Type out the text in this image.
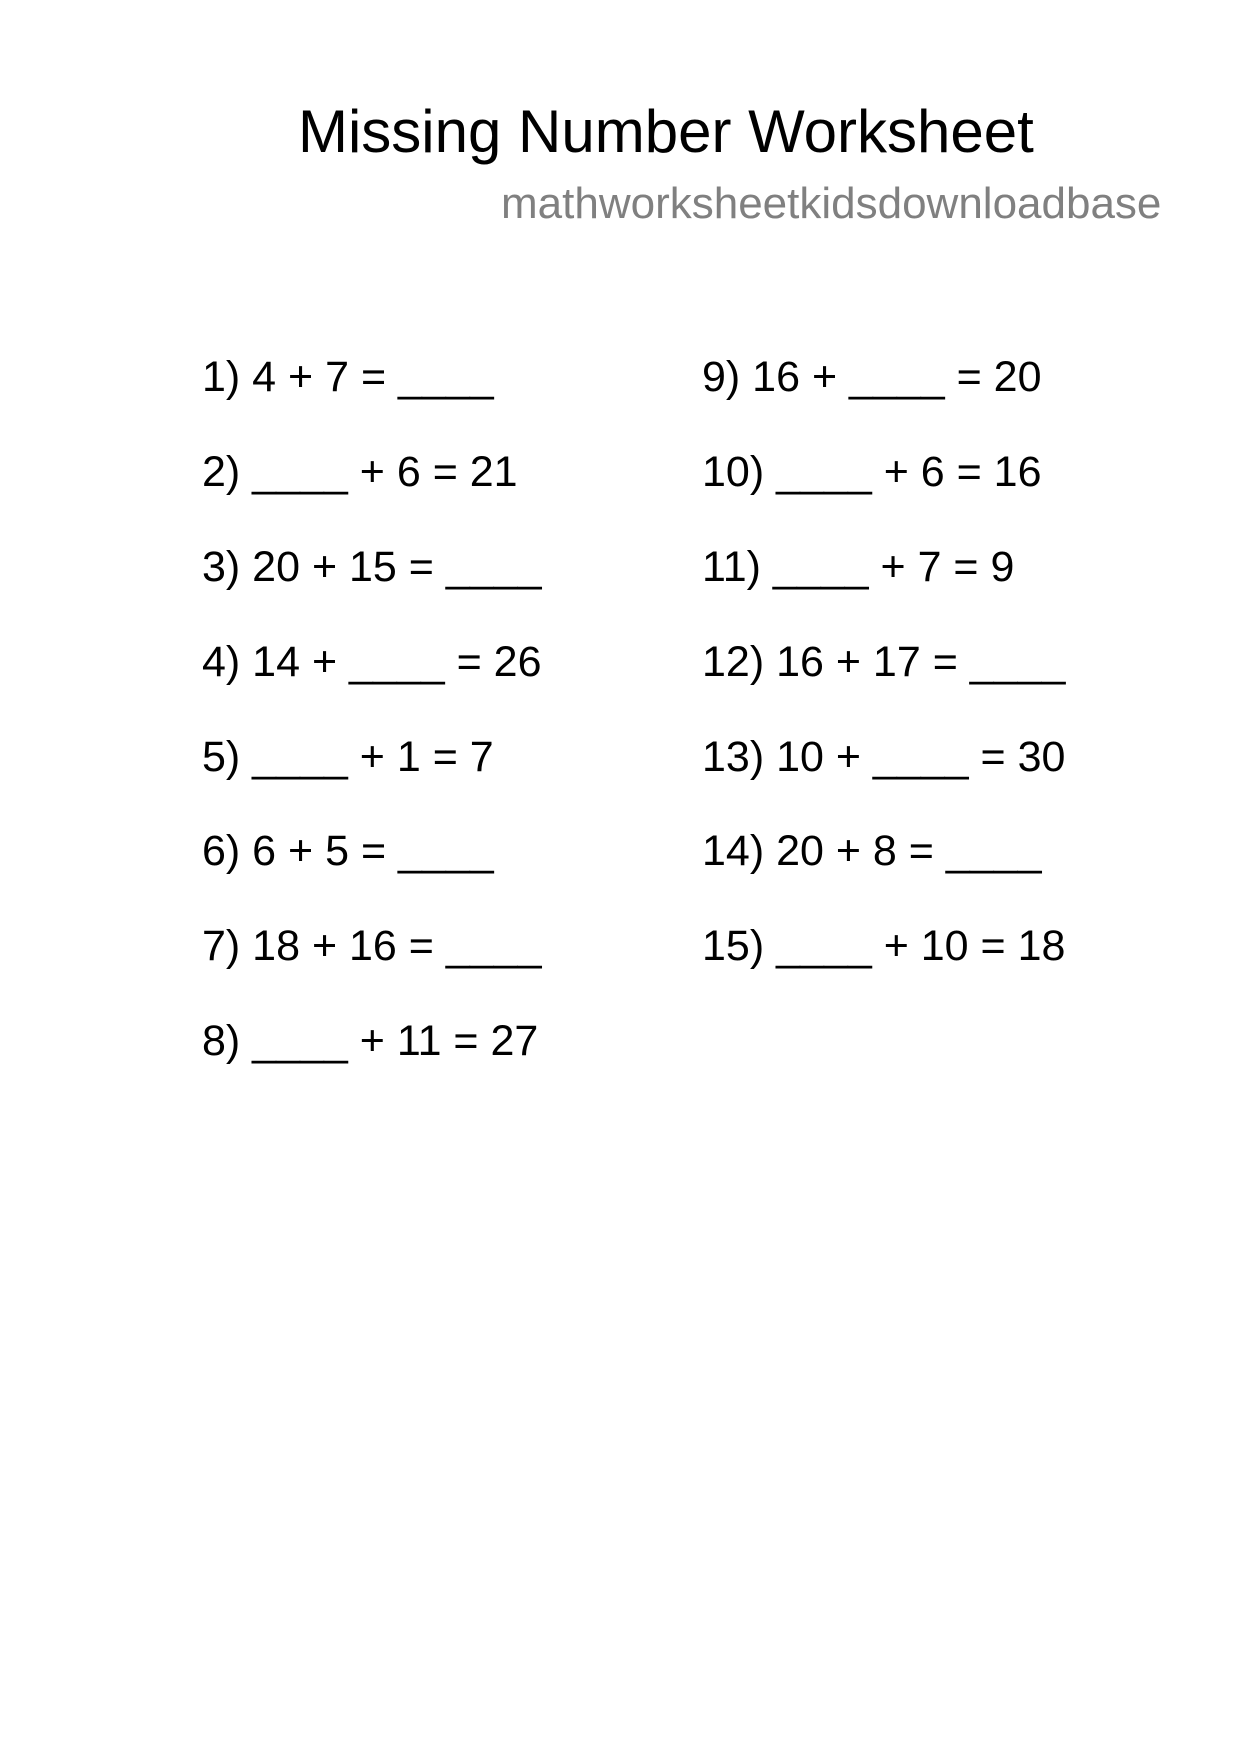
Missing Number Worksheet
mathworksheetkidsdownloadbase
1) 4 + 7 = ____
2) ____ + 6 = 21
3) 20 + 15 = ____
4) 14 + ____ = 26
5) ____ + 1 = 7
6) 6 + 5 = ____
7) 18 + 16 = ____
8) ____ + 11 = 27
9) 16 + ____ = 20
10) ____ + 6 = 16
11) ____ + 7 = 9
12) 16 + 17 = ____
13) 10 + ____ = 30
14) 20 + 8 = ____
15) ____ + 10 = 18
